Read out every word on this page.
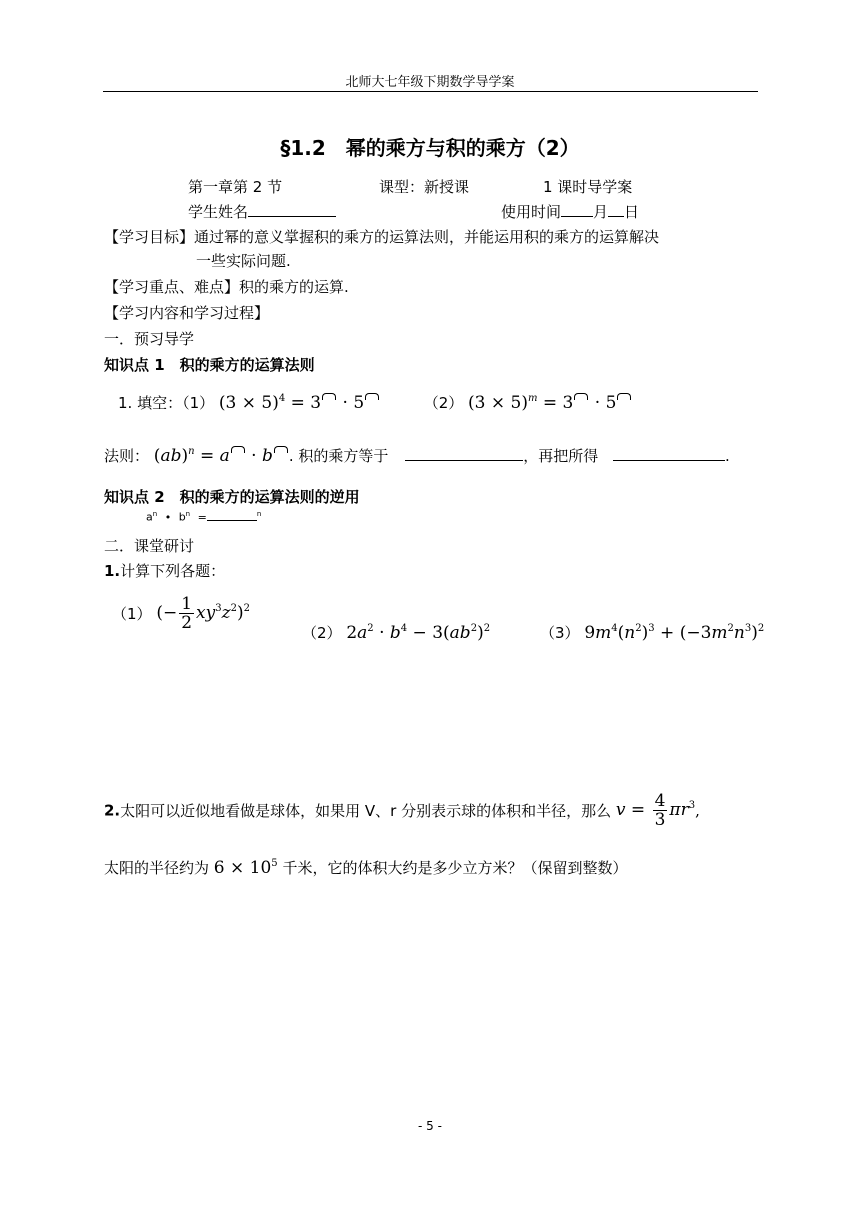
北师大七年级下期数学导学案
§1.2　幂的乘方与积的乘方（2）
第一章第 2 节	课型：新授课	1 课时导学案
学生姓名	使用时间 月 日
【学习目标】通过幂的意义掌握积的乘方的运算法则，并能运用积的乘方的运算解决
一些实际问题.
【学习重点、难点】积的乘方的运算.
【学习内容和学习过程】
一．预习导学
知识点 1　积的乘方的运算法则
1. 填空：（1） $(3 \times 5)^4 = 3 \cdot 5$	（2） $(3 \times 5)^m = 3 \cdot 5$
法则： (ab)$^n$ = a · b . 积的乘方等于	，再把所得	.
知识点 2　积的乘方的运算法则的逆用
$a^n$ • $b^n$ =	$^n$
二．课堂研讨
1.计算下列各题：
（1） (− $\frac{1}{2} xy^3z^2)^2$
（2） $2a^2 \cdot b^4 - 3(ab^2)^2$	（3） $9m^4(n^2)^3 + (-3m^2n^3)^2$
2.太阳可以近似地看做是球体，如果用 V、r 分别表示球的体积和半径，那么 $v = \frac{4}{3} \pi r^3$,
太阳的半径约为 $6 \times 10^5$ 千米，它的体积大约是多少立方米？（保留到整数）
- 5 -
